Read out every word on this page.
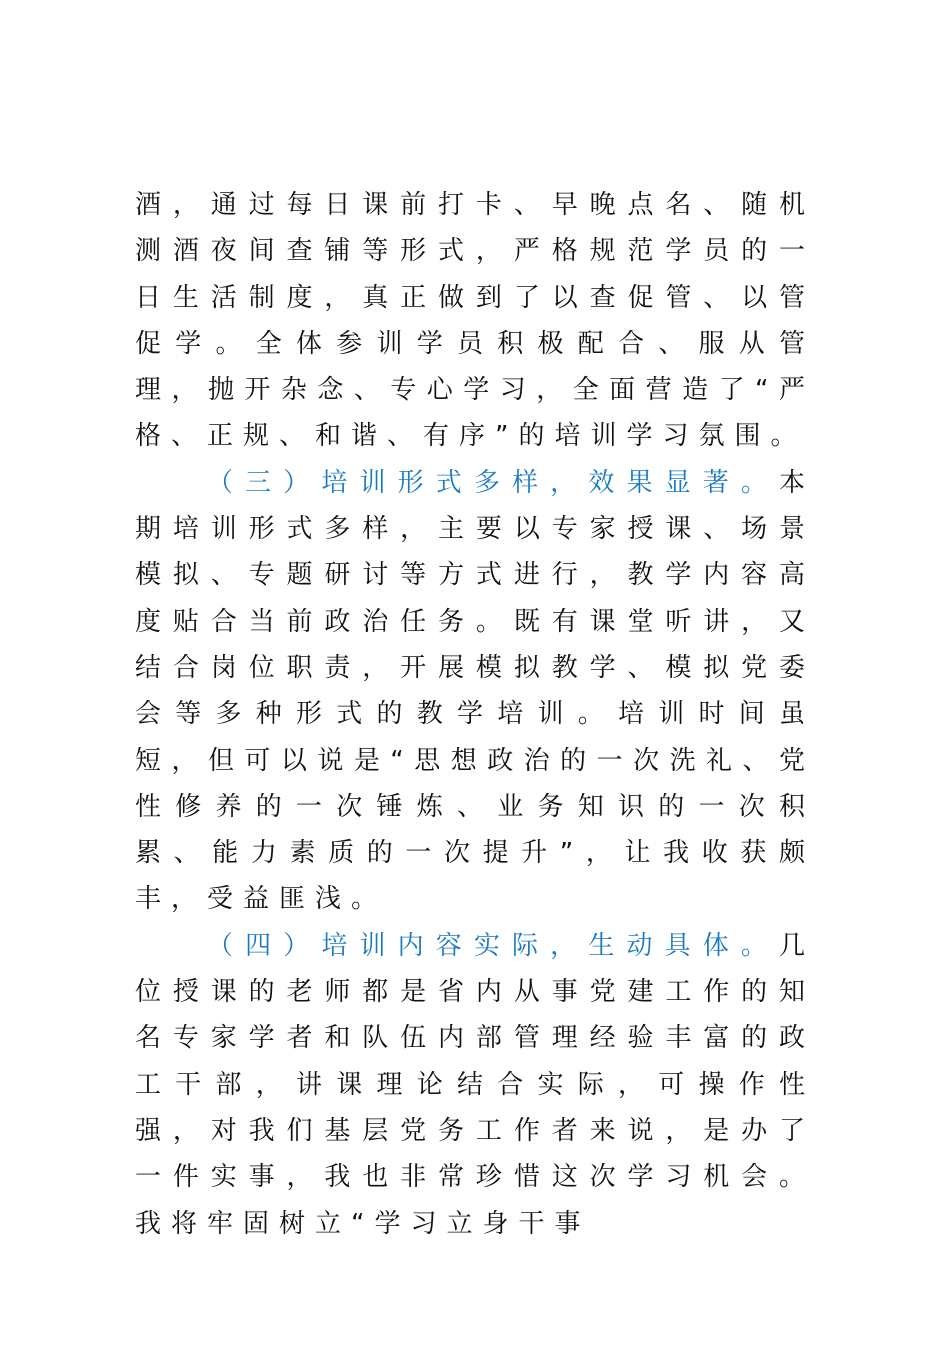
酒，通过每日课前打卡、早晚点名、随机测酒夜间查铺等形式，严格规范学员的一日生活制度，真正做到了以查促管、以管促学。全体参训学员积极配合、服从管理，抛开杂念、专心学习，全面营造了“严格、正规、和谐、有序”的培训学习氛围。

（三）培训形式多样，效果显著。本期培训形式多样，主要以专家授课、场景模拟、专题研讨等方式进行，教学内容高度贴合当前政治任务。既有课堂听讲，又结合岗位职责，开展模拟教学、模拟党委会等多种形式的教学培训。培训时间虽短，但可以说是“思想政治的一次洗礼、党性修养的一次锤炼、业务知识的一次积累、能力素质的一次提升”，让我收获颇丰，受益匪浅。

（四）培训内容实际，生动具体。几位授课的老师都是省内从事党建工作的知名专家学者和队伍内部管理经验丰富的政工干部，讲课理论结合实际，可操作性强，对我们基层党务工作者来说，是办了一件实事，我也非常珍惜这次学习机会。我将牢固树立“学习立身干事
